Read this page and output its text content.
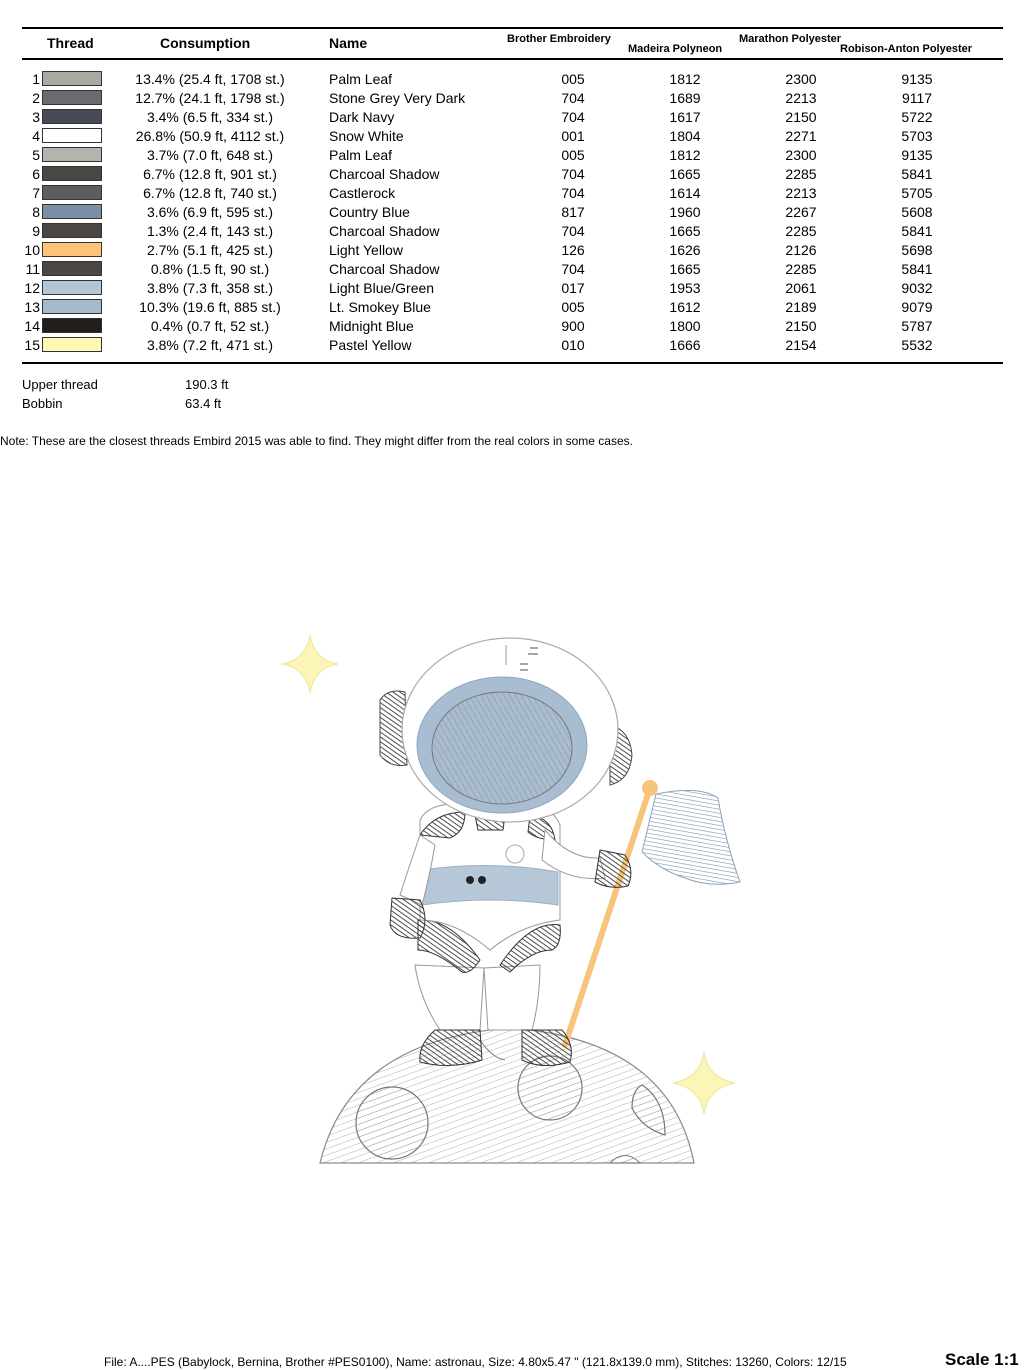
Thread	Consumption	Name	Brother Embroidery
Madeira Polyneon
Marathon Polyester
Robison-Anton Polyester
1	13.4% (25.4 ft, 1708 st.)	Palm Leaf	005	1812	2300	9135
2	12.7% (24.1 ft, 1798 st.)	Stone Grey Very Dark	704	1689	2213	9117
3	3.4% (6.5 ft, 334 st.)	Dark Navy	704	1617	2150	5722
4	26.8% (50.9 ft, 4112 st.)	Snow White	001	1804	2271	5703
5	3.7% (7.0 ft, 648 st.)	Palm Leaf	005	1812	2300	9135
6	6.7% (12.8 ft, 901 st.)	Charcoal Shadow	704	1665	2285	5841
7	6.7% (12.8 ft, 740 st.)	Castlerock	704	1614	2213	5705
8	3.6% (6.9 ft, 595 st.)	Country Blue	817	1960	2267	5608
9	1.3% (2.4 ft, 143 st.)	Charcoal Shadow	704	1665	2285	5841
10	2.7% (5.1 ft, 425 st.)	Light Yellow	126	1626	2126	5698
11	0.8% (1.5 ft, 90 st.)	Charcoal Shadow	704	1665	2285	5841
12	3.8% (7.3 ft, 358 st.)	Light Blue/Green	017	1953	2061	9032
13	10.3% (19.6 ft, 885 st.)	Lt. Smokey Blue	005	1612	2189	9079
14	0.4% (0.7 ft, 52 st.)	Midnight Blue	900	1800	2150	5787
15	3.8% (7.2 ft, 471 st.)	Pastel Yellow	010	1666	2154	5532
Upper thread	190.3 ft
Bobbin	63.4 ft
Note: These are the closest threads Embird 2015 was able to find. They might differ from the real colors in some cases.
File: A....PES (Babylock, Bernina, Brother #PES0100), Name: astronau, Size: 4.80x5.47 " (121.8x139.0 mm), Stitches: 13260, Colors: 12/15	Scale 1:1
